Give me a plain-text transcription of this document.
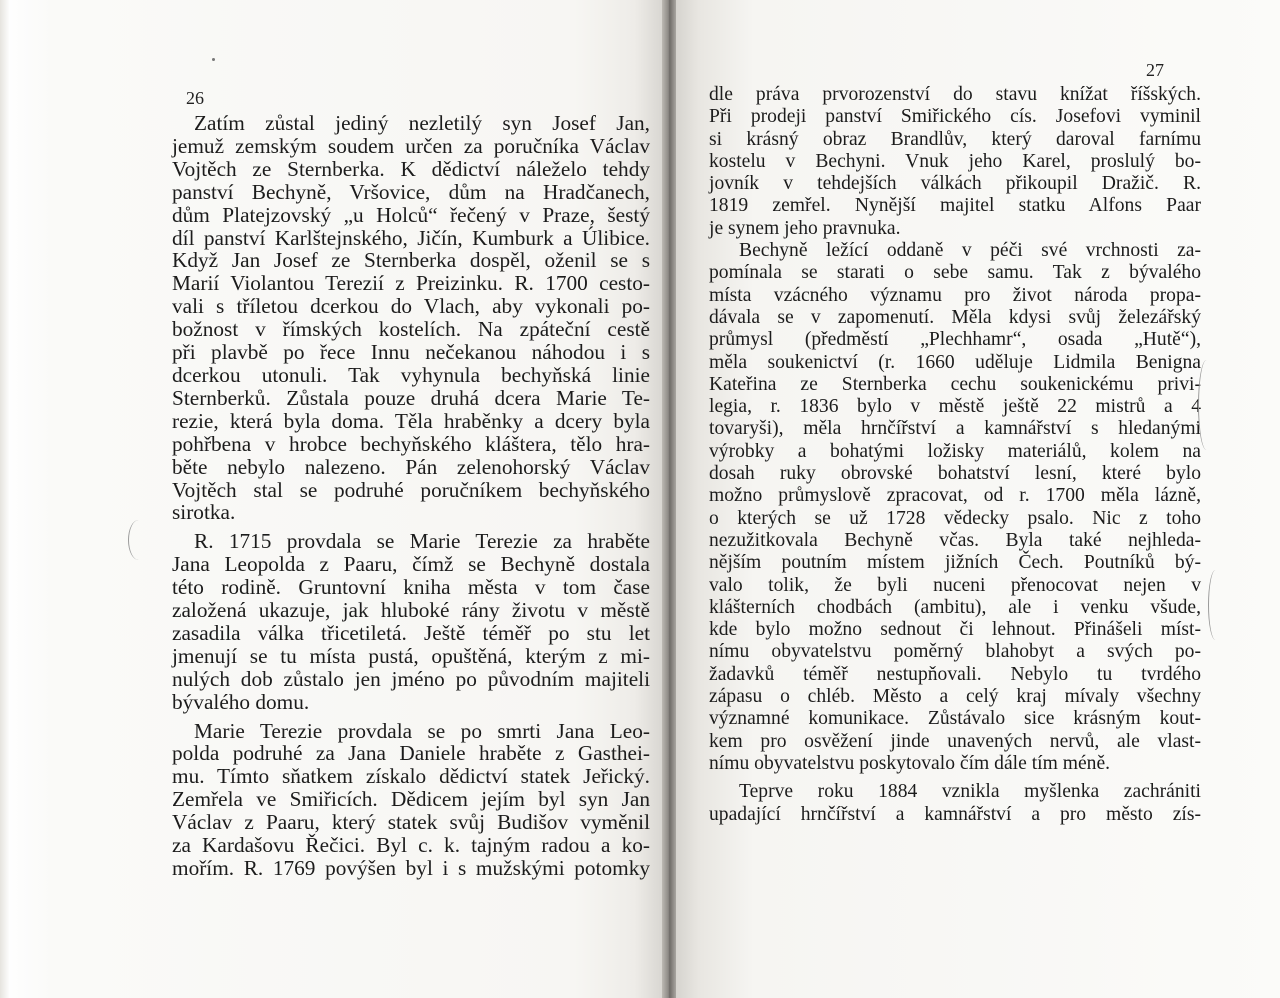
26
27
Zatím zůstal jediný nezletilý syn Josef Jan,
jemuž zemským soudem určen za poručníka Václav
Vojtěch ze Sternberka. K dědictví náleželo tehdy
panství Bechyně, Vršovice, dům na Hradčanech,
dům Platejzovský „u Holců“ řečený v Praze, šestý
díl panství Karlštejnského, Jičín, Kumburk a Úlibice.
Když Jan Josef ze Sternberka dospěl, oženil se s
Marií Violantou Terezií z Preizinku. R. 1700 cesto-
vali s tříletou dcerkou do Vlach, aby vykonali po-
božnost v římských kostelích. Na zpáteční cestě
při plavbě po řece Innu nečekanou náhodou i s
dcerkou utonuli. Tak vyhynula bechyňská linie
Sternberků. Zůstala pouze druhá dcera Marie Te-
rezie, která byla doma. Těla hraběnky a dcery byla
pohřbena v hrobce bechyňského kláštera, tělo hra-
běte nebylo nalezeno. Pán zelenohorský Václav
Vojtěch stal se podruhé poručníkem bechyňského
sirotka.
R. 1715 provdala se Marie Terezie za hraběte
Jana Leopolda z Paaru, čímž se Bechyně dostala
této rodině. Gruntovní kniha města v tom čase
založená ukazuje, jak hluboké rány životu v městě
zasadila válka třicetiletá. Ještě téměř po stu let
jmenují se tu místa pustá, opuštěná, kterým z mi-
nulých dob zůstalo jen jméno po původním majiteli
bývalého domu.
Marie Terezie provdala se po smrti Jana Leo-
polda podruhé za Jana Daniele hraběte z Gasthei-
mu. Tímto sňatkem získalo dědictví statek Jeřický.
Zemřela ve Smiřicích. Dědicem jejím byl syn Jan
Václav z Paaru, který statek svůj Budišov vyměnil
za Kardašovu Řečici. Byl c. k. tajným radou a ko-
mořím. R. 1769 povýšen byl i s mužskými potomky
dle práva prvorozenství do stavu knížat říšských.
Při prodeji panství Smiřického cís. Josefovi vyminil
si krásný obraz Brandlův, který daroval farnímu
kostelu v Bechyni. Vnuk jeho Karel, proslulý bo-
jovník v tehdejších válkách přikoupil Dražič. R.
1819 zemřel. Nynější majitel statku Alfons Paar
je synem jeho pravnuka.
Bechyně ležící oddaně v péči své vrchnosti za-
pomínala se starati o sebe samu. Tak z bývalého
místa vzácného významu pro život národa propa-
dávala se v zapomenutí. Měla kdysi svůj železářský
průmysl (předměstí „Plechhamr“, osada „Hutě“),
měla soukenictví (r. 1660 uděluje Lidmila Benigna
Kateřina ze Sternberka cechu soukenickému privi-
legia, r. 1836 bylo v městě ještě 22 mistrů a 4
tovaryši), měla hrnčířství a kamnářství s hledanými
výrobky a bohatými ložisky materiálů, kolem na
dosah ruky obrovské bohatství lesní, které bylo
možno průmyslově zpracovat, od r. 1700 měla lázně,
o kterých se už 1728 vědecky psalo. Nic z toho
nezužitkovala Bechyně včas. Byla také nejhleda-
nějším poutním místem jižních Čech. Poutníků bý-
valo tolik, že byli nuceni přenocovat nejen v
klášterních chodbách (ambitu), ale i venku všude,
kde bylo možno sednout či lehnout. Přinášeli míst-
nímu obyvatelstvu poměrný blahobyt a svých po-
žadavků téměř nestupňovali. Nebylo tu tvrdého
zápasu o chléb. Město a celý kraj mívaly všechny
významné komunikace. Zůstávalo sice krásným kout-
kem pro osvěžení jinde unavených nervů, ale vlast-
nímu obyvatelstvu poskytovalo čím dále tím méně.
Teprve roku 1884 vznikla myšlenka zachrániti
upadající hrnčířství a kamnářství a pro město zís-
